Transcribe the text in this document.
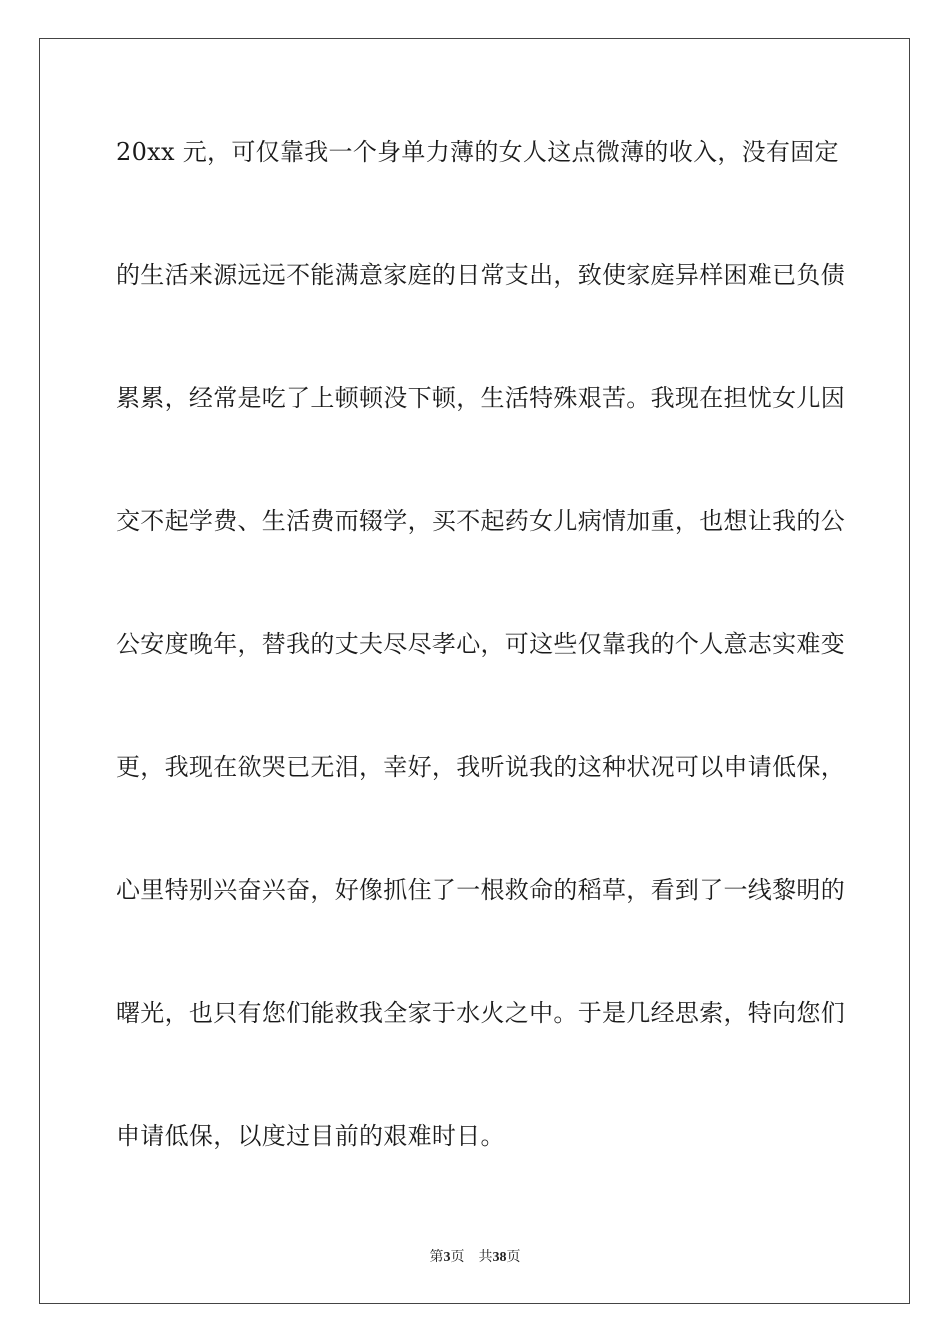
20xx 元，可仅靠我一个身单力薄的女人这点微薄的收入，没有固定
的生活来源远远不能满意家庭的日常支出，致使家庭异样困难已负债
累累，经常是吃了上顿顿没下顿，生活特殊艰苦。我现在担忧女儿因
交不起学费、生活费而辍学，买不起药女儿病情加重，也想让我的公
公安度晚年，替我的丈夫尽尽孝心，可这些仅靠我的个人意志实难变
更，我现在欲哭已无泪，幸好，我听说我的这种状况可以申请低保，
心里特别兴奋兴奋，好像抓住了一根救命的稻草，看到了一线黎明的
曙光，也只有您们能救我全家于水火之中。于是几经思索，特向您们
申请低保，以度过目前的艰难时日。
第3页 共38页
